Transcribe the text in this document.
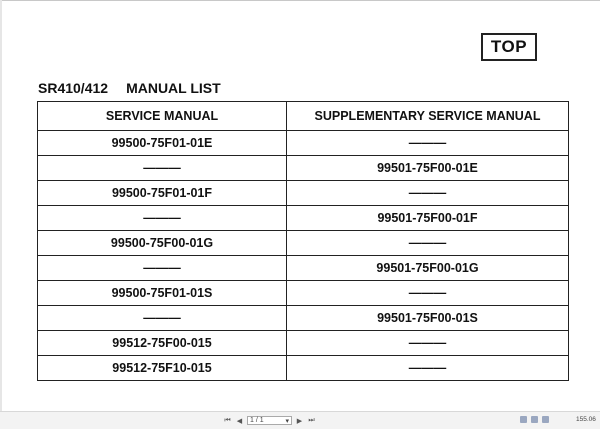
TOP
SR410/412 MANUAL LIST
SERVICE MANUAL	SUPPLEMENTARY SERVICE MANUAL
99500-75F01-01E	———
———	99501-75F00-01E
99500-75F01-01F	———
———	99501-75F00-01F
99500-75F00-01G	———
———	99501-75F00-01G
99500-75F01-01S	———
———	99501-75F00-01S
99512-75F00-015	———
99512-75F10-015	———
⏮ ◀ 1 / 1	▾ ▶ ⏭	155.06
